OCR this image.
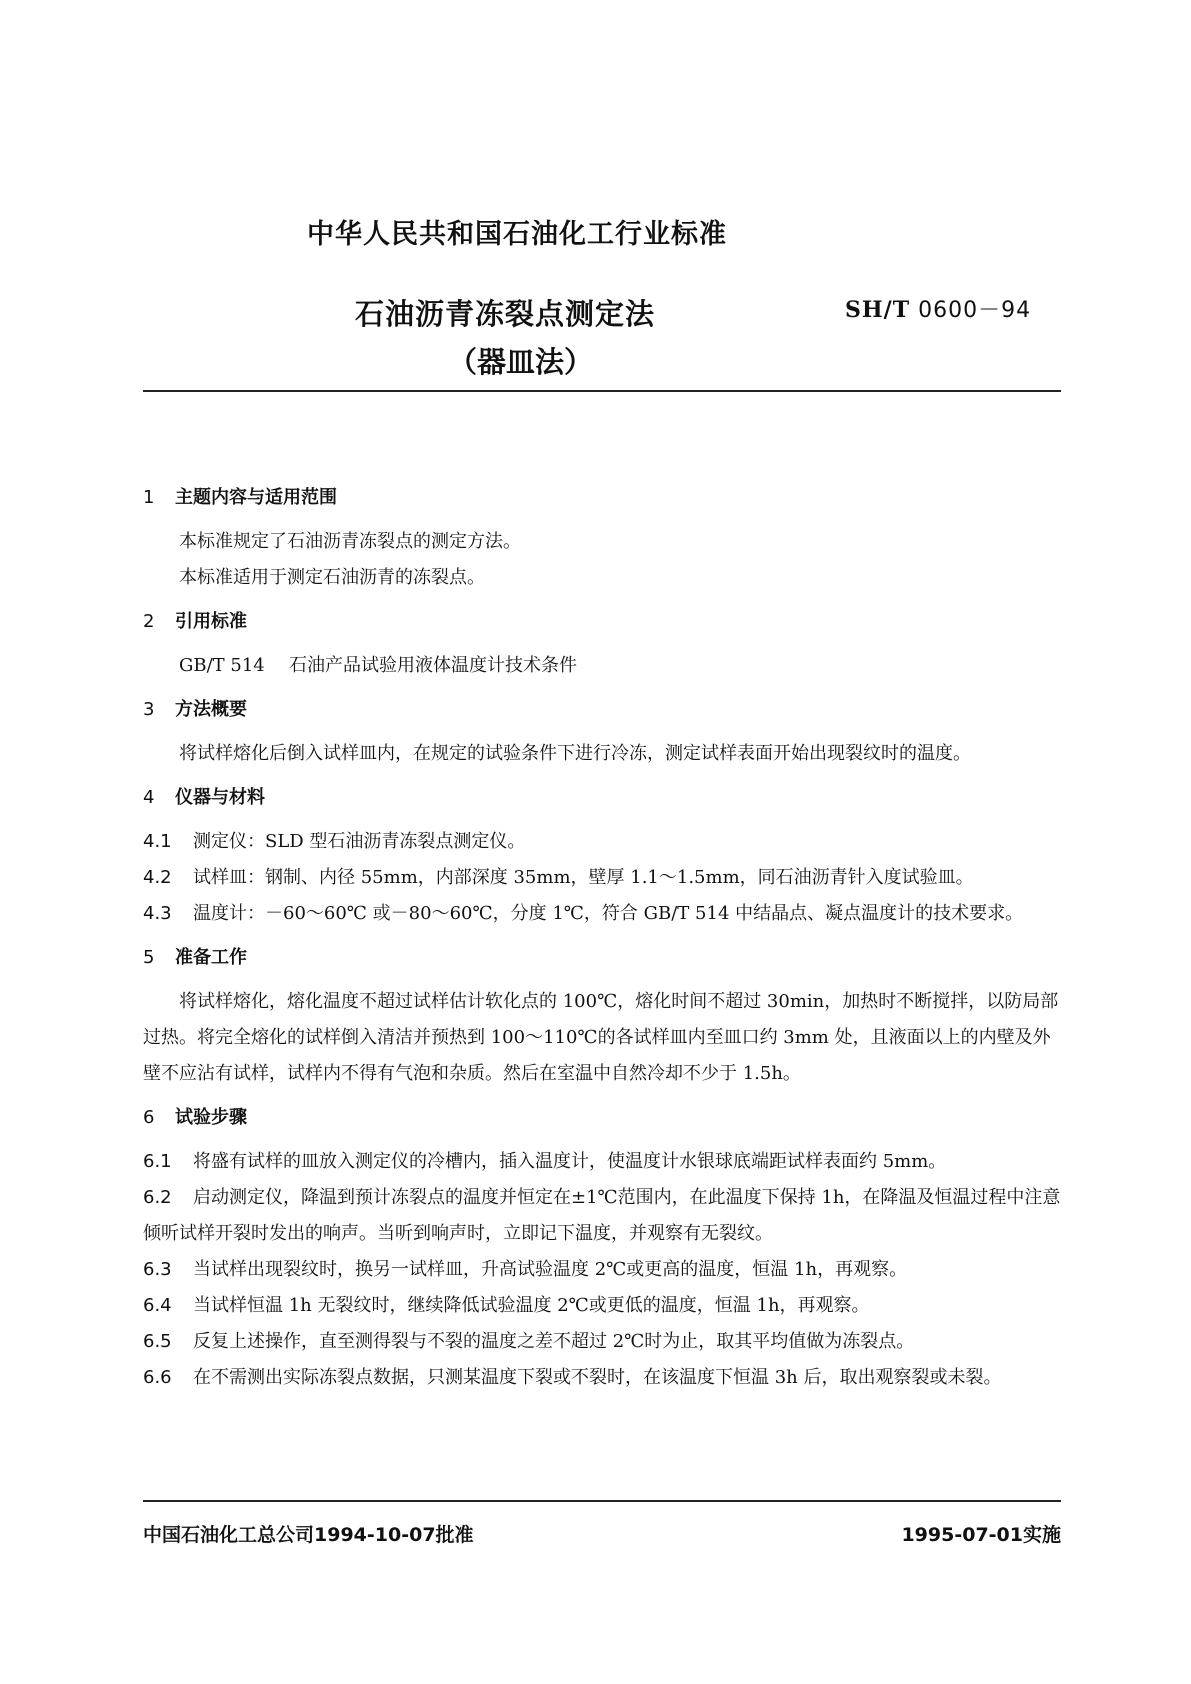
中华人民共和国石油化工行业标准
石油沥青冻裂点测定法
（器皿法）
SH/T 0600－94
1 主题内容与适用范围

本标准规定了石油沥青冻裂点的测定方法。

本标准适用于测定石油沥青的冻裂点。

2 引用标准

GB/T 514 石油产品试验用液体温度计技术条件

3 方法概要

将试样熔化后倒入试样皿内，在规定的试验条件下进行冷冻，测定试样表面开始出现裂纹时的温度。

4 仪器与材料

4.1 测定仪：SLD 型石油沥青冻裂点测定仪。

4.2 试样皿：钢制、内径 55mm，内部深度 35mm，壁厚 1.1～1.5mm，同石油沥青针入度试验皿。

4.3 温度计：－60～60℃ 或－80～60℃，分度 1℃，符合 GB/T 514 中结晶点、凝点温度计的技术要求。

5 准备工作

将试样熔化，熔化温度不超过试样估计软化点的 100℃，熔化时间不超过 30min，加热时不断搅拌，以防局部过热。将完全熔化的试样倒入清洁并预热到 100～110℃的各试样皿内至皿口约 3mm 处，且液面以上的内壁及外壁不应沾有试样，试样内不得有气泡和杂质。然后在室温中自然冷却不少于 1.5h。

6 试验步骤

6.1 将盛有试样的皿放入测定仪的冷槽内，插入温度计，使温度计水银球底端距试样表面约 5mm。

6.2 启动测定仪，降温到预计冻裂点的温度并恒定在±1℃范围内，在此温度下保持 1h，在降温及恒温过程中注意倾听试样开裂时发出的响声。当听到响声时，立即记下温度，并观察有无裂纹。

6.3 当试样出现裂纹时，换另一试样皿，升高试验温度 2℃或更高的温度，恒温 1h，再观察。

6.4 当试样恒温 1h 无裂纹时，继续降低试验温度 2℃或更低的温度，恒温 1h，再观察。

6.5 反复上述操作，直至测得裂与不裂的温度之差不超过 2℃时为止，取其平均值做为冻裂点。

6.6 在不需测出实际冻裂点数据，只测某温度下裂或不裂时，在该温度下恒温 3h 后，取出观察裂或未裂。

中国石油化工总公司1994-10-07批准	1995-07-01实施
